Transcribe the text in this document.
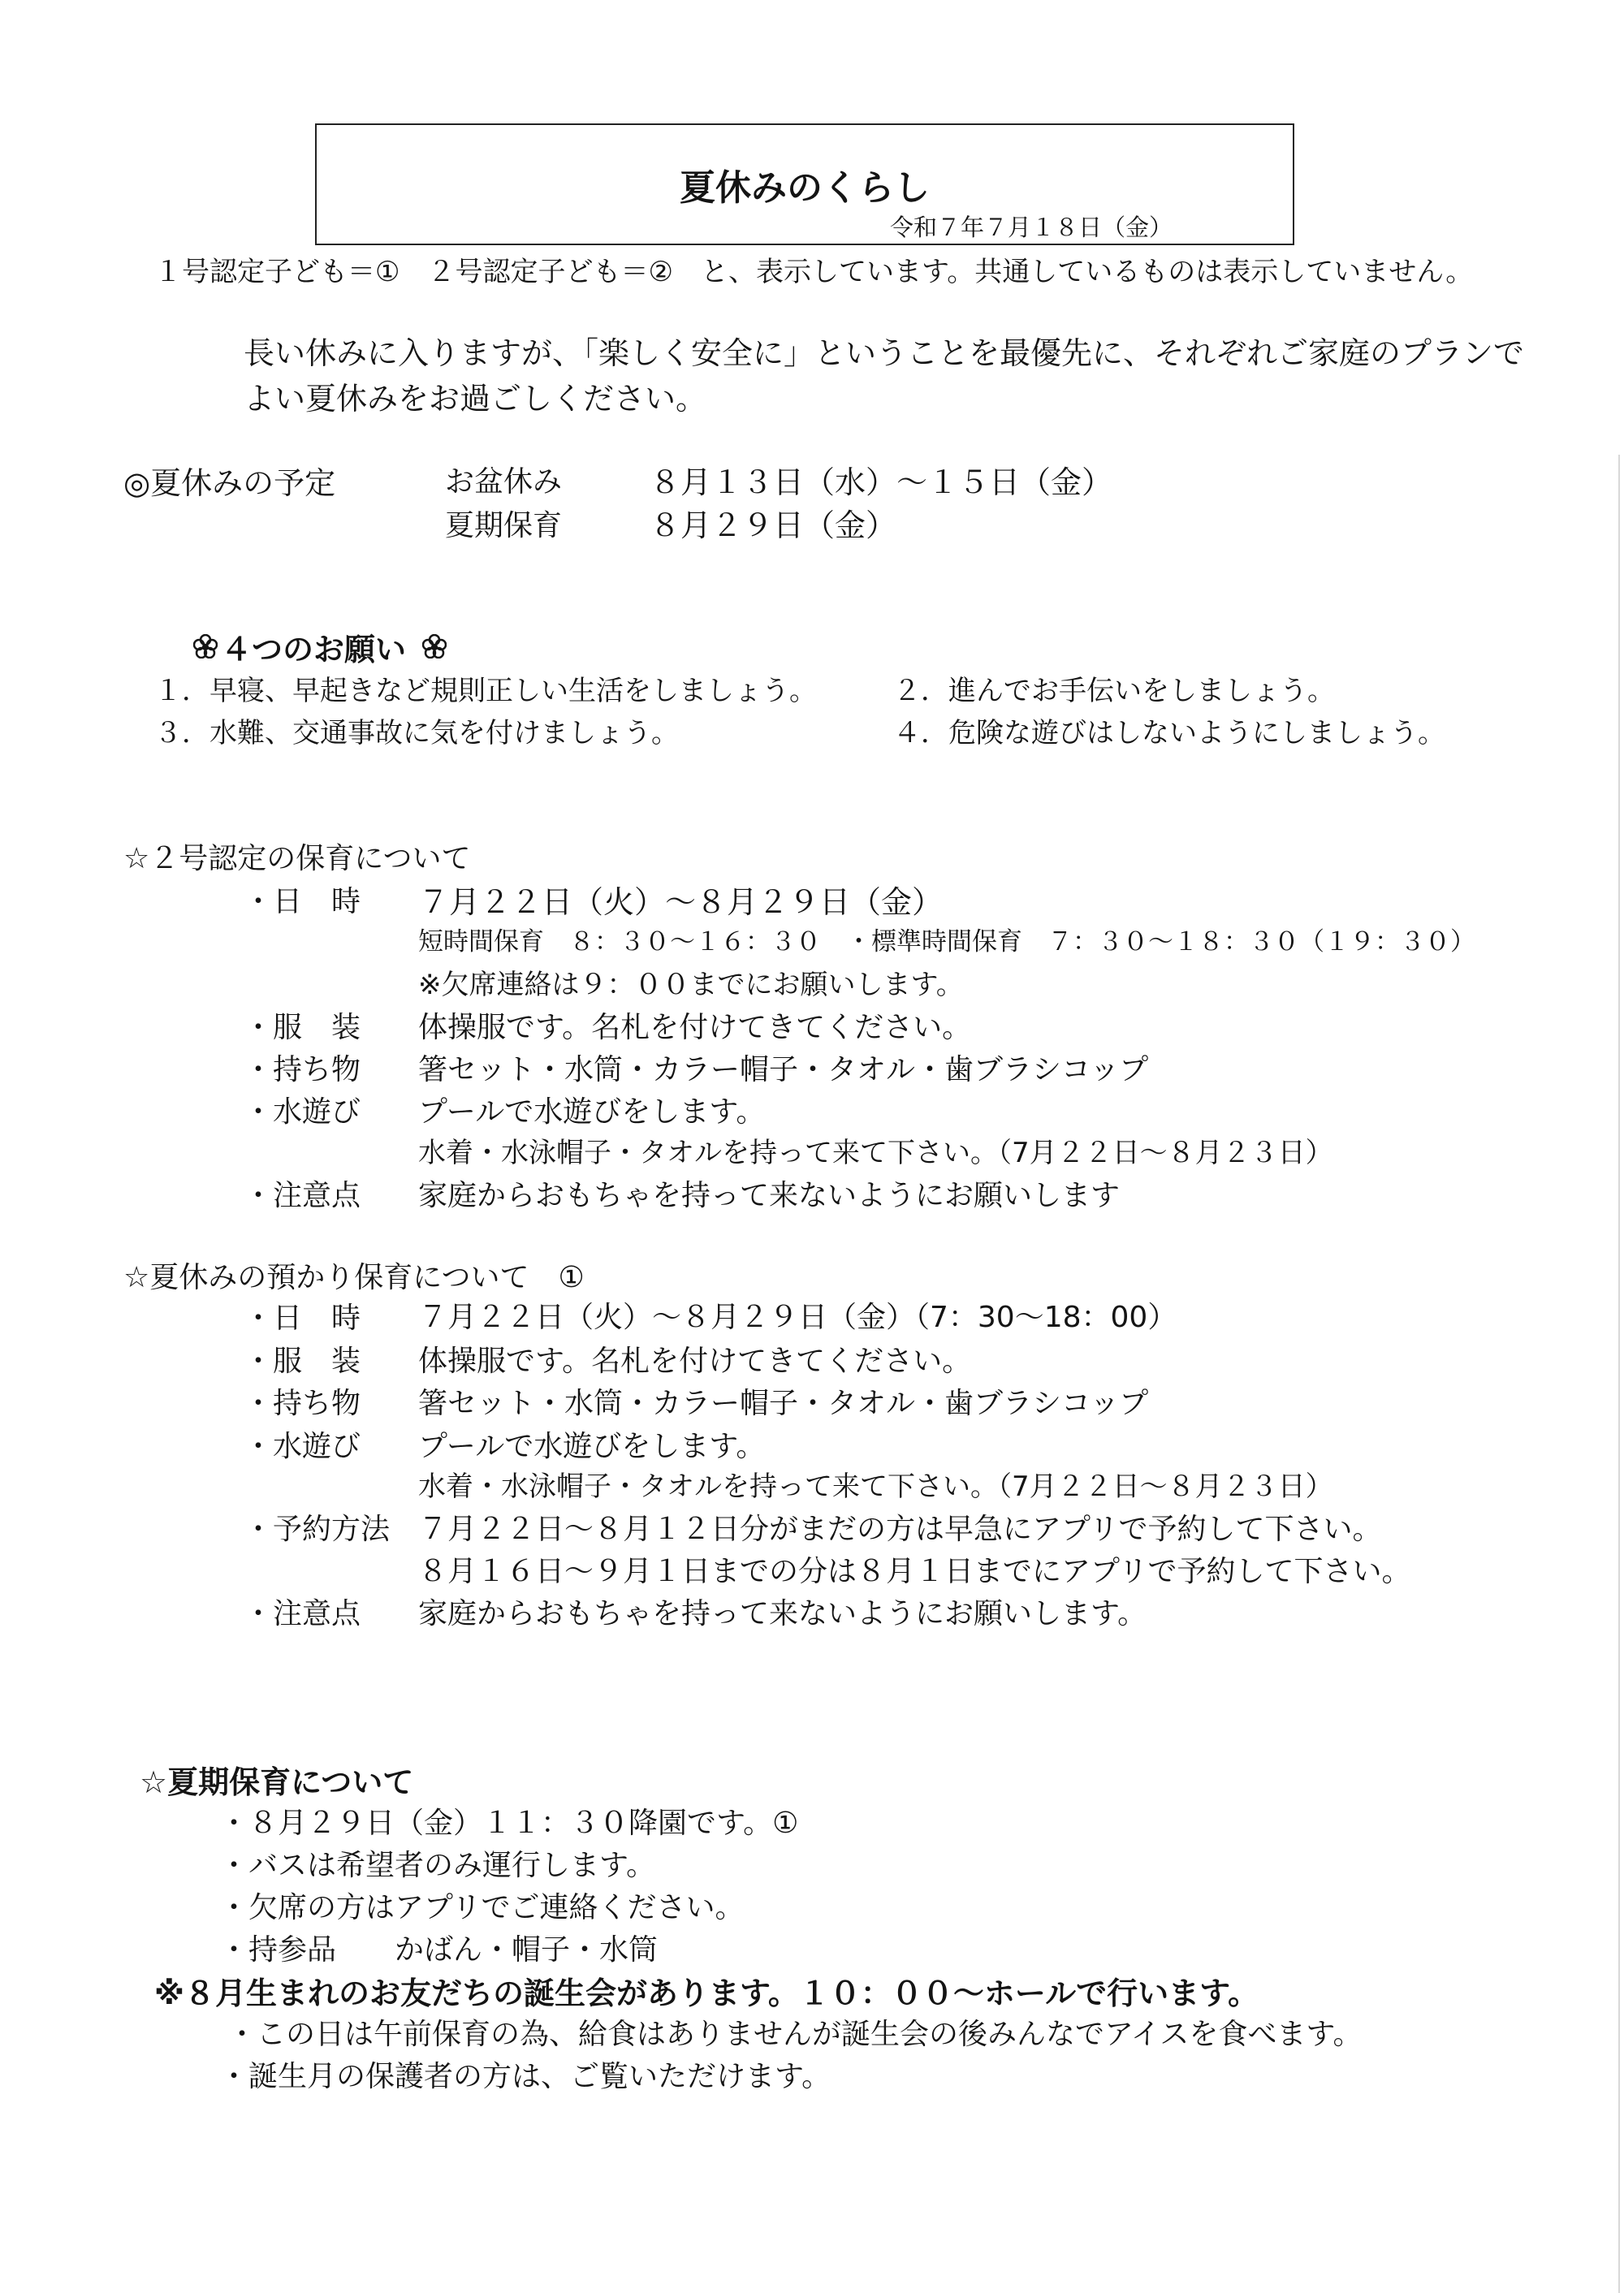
夏休みのくらし
令和７年７月１８日（金）
１号認定子ども＝①　２号認定子ども＝②　と、表示しています。共通しているものは表示していません。
長い休みに入りますが、「楽しく安全に」ということを最優先に、それぞれご家庭のプランで
よい夏休みをお過ごしください。
◎夏休みの予定	お盆休み	８月１３日（水）～１５日（金）
夏期保育	８月２９日（金）
４つのお願い
１．早寝、早起きなど規則正しい生活をしましょう。	２．進んでお手伝いをしましょう。
３．水難、交通事故に気を付けましょう。	４．危険な遊びはしないようにしましょう。
☆２号認定の保育について
・日　時 ７月２２日（火）～８月２９日（金）
短時間保育　８：３０～１６：３０　・標準時間保育　７：３０～１８：３０（１９：３０）
※欠席連絡は９：００までにお願いします。
・服　装 体操服です。名札を付けてきてください。
・持ち物 箸セット・水筒・カラー帽子・タオル・歯ブラシコップ
・水遊び プールで水遊びをします。
水着・水泳帽子・タオルを持って来て下さい。（7月２２日～８月２３日）
・注意点 家庭からおもちゃを持って来ないようにお願いします
☆夏休みの預かり保育について　①
・日　時 ７月２２日（火）～８月２９日（金）（7：30～18：00）
・服　装 体操服です。名札を付けてきてください。
・持ち物 箸セット・水筒・カラー帽子・タオル・歯ブラシコップ
・水遊び プールで水遊びをします。
水着・水泳帽子・タオルを持って来て下さい。（7月２２日～８月２３日）
・予約方法 ７月２２日～８月１２日分がまだの方は早急にアプリで予約して下さい。
８月１６日～９月１日までの分は８月１日までにアプリで予約して下さい。
・注意点 家庭からおもちゃを持って来ないようにお願いします。
☆夏期保育について
・８月２９日（金）１１：３０降園です。①
・バスは希望者のみ運行します。
・欠席の方はアプリでご連絡ください。
・持参品　　かばん・帽子・水筒
※８月生まれのお友だちの誕生会があります。１０：００～ホールで行います。
・この日は午前保育の為、給食はありませんが誕生会の後みんなでアイスを食べます。
・誕生月の保護者の方は、ご覧いただけます。
